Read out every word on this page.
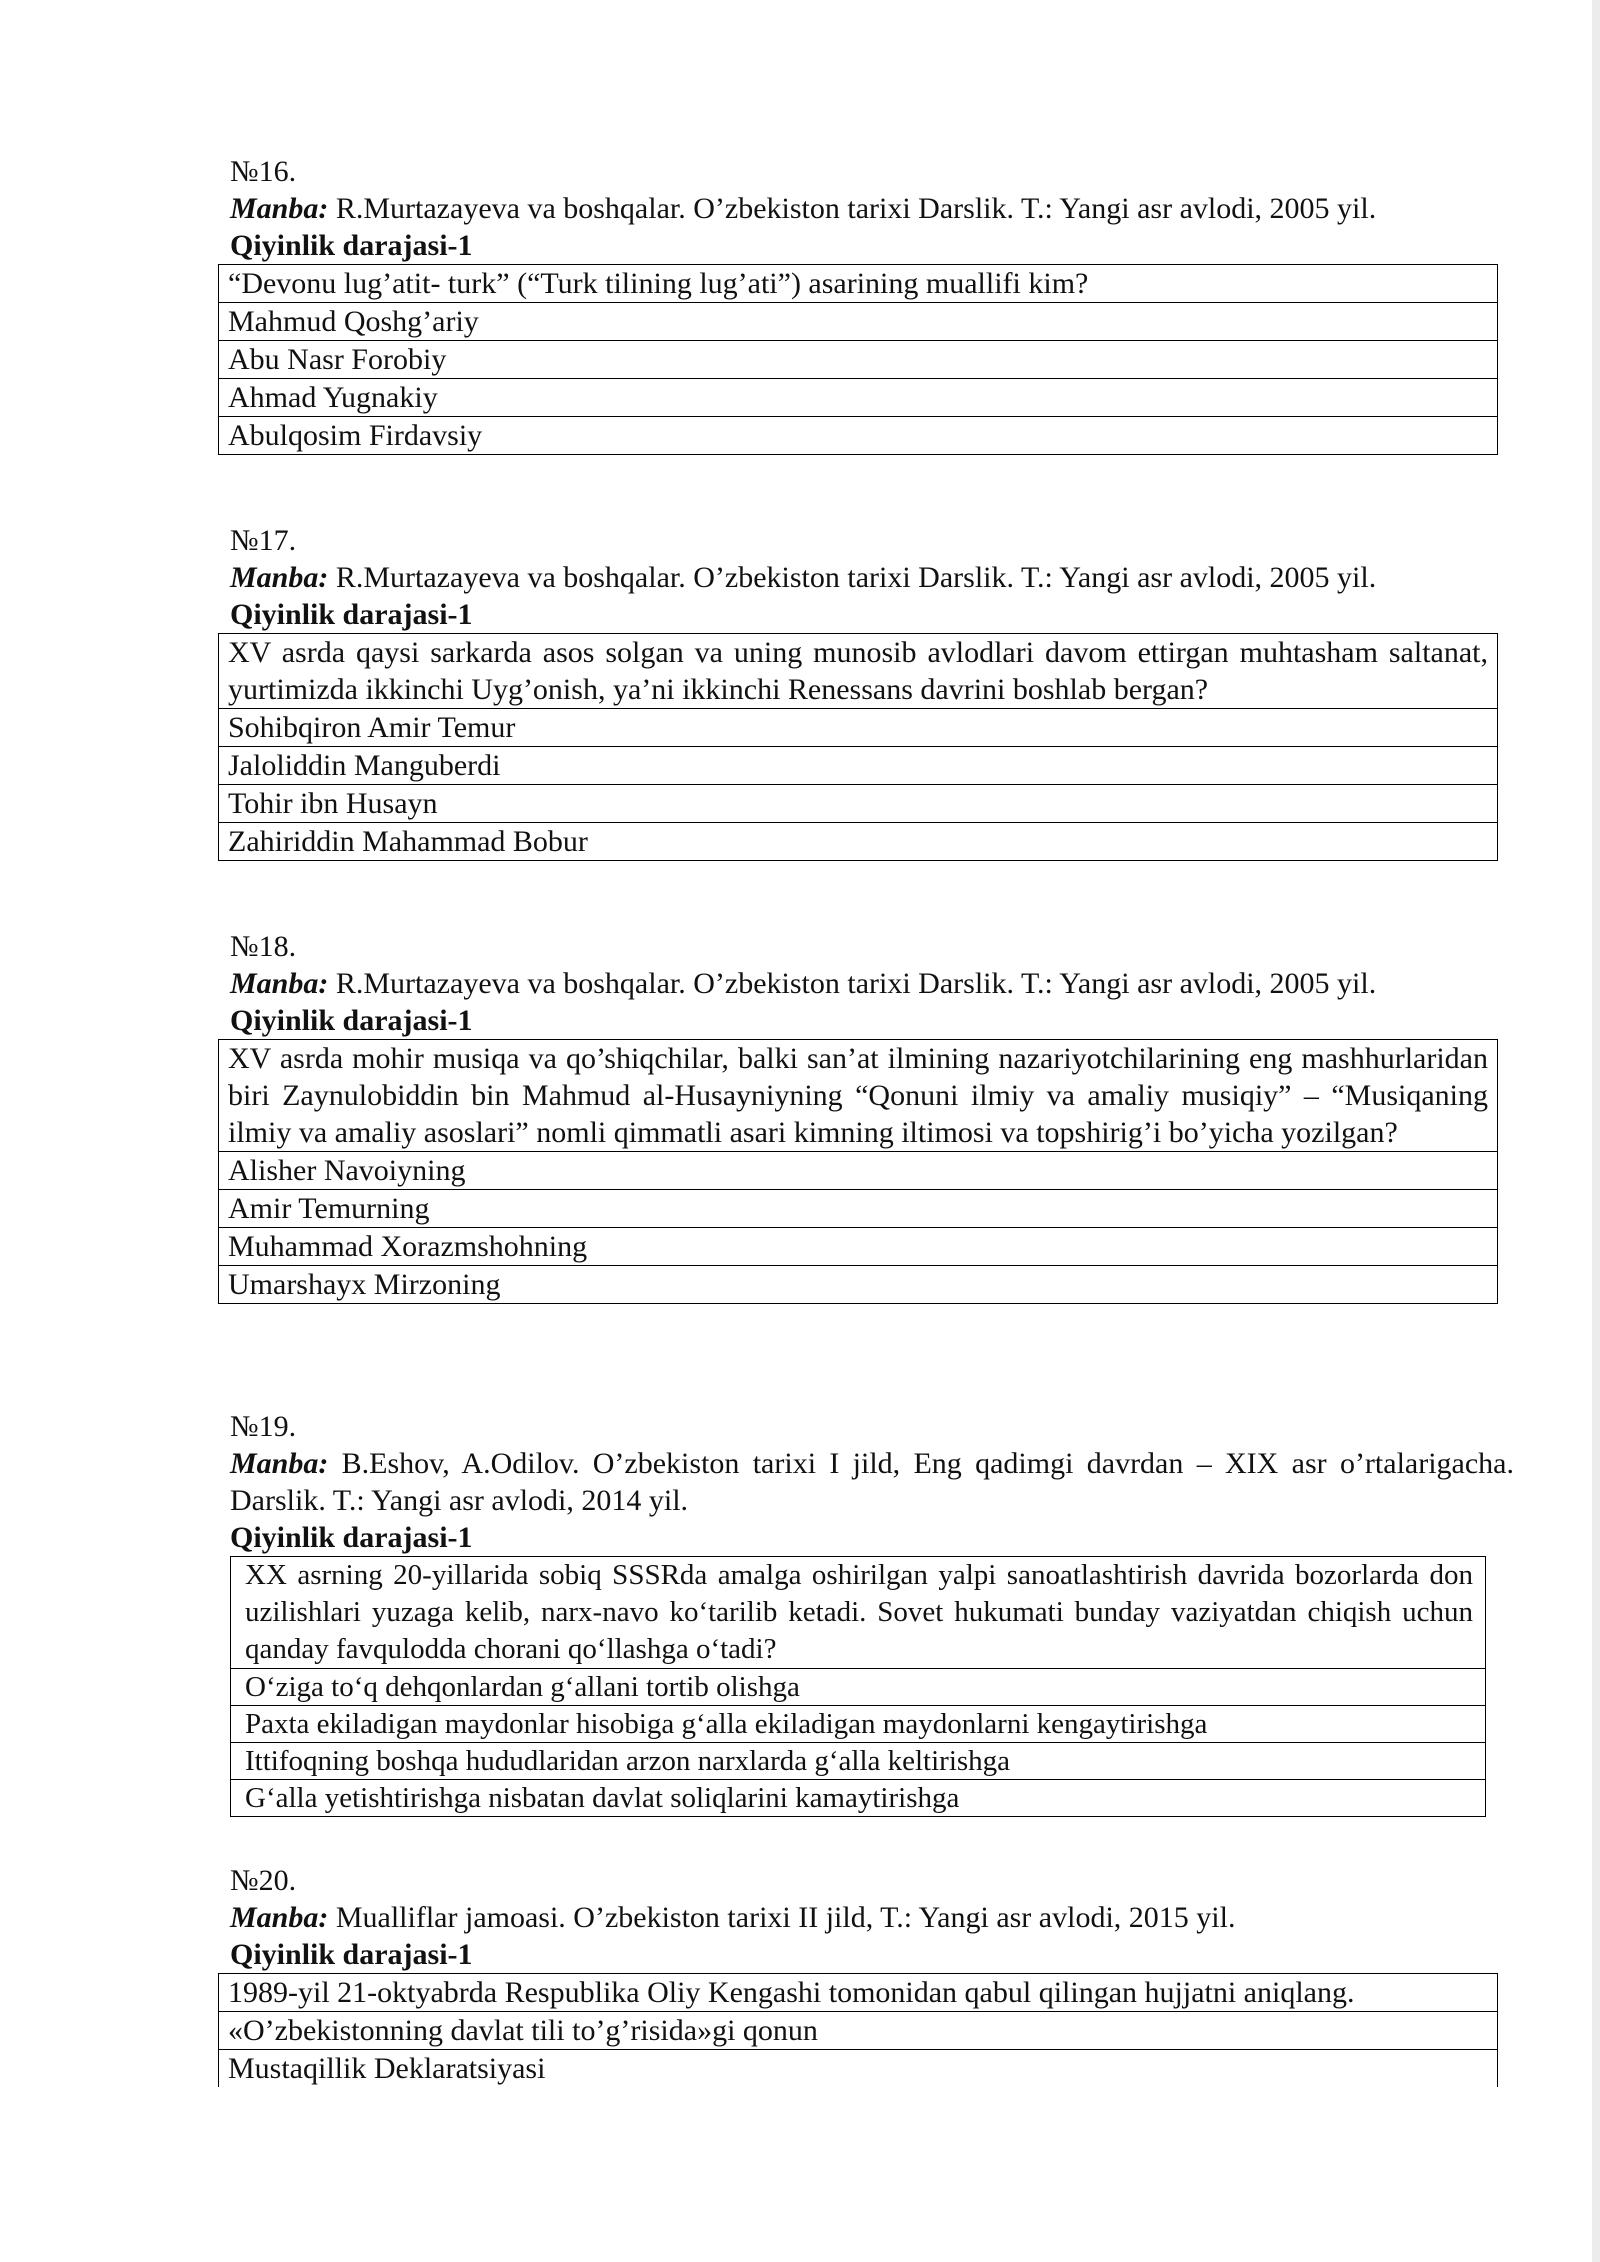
№16.

Manba: R.Murtazayeva va boshqalar. O’zbekiston tarixi Darslik. T.: Yangi asr avlodi, 2005 yil.

Qiyinlik darajasi-1

“Devonu lug’atit- turk” (“Turk tilining lug’ati”) asarining muallifi kim?
Mahmud Qoshg’ariy
Abu Nasr Forobiy
Ahmad Yugnakiy
Abulqosim Firdavsiy

№17.

Manba: R.Murtazayeva va boshqalar. O’zbekiston tarixi Darslik. T.: Yangi asr avlodi, 2005 yil.

Qiyinlik darajasi-1

XV asrda qaysi sarkarda asos solgan va uning munosib avlodlari davom ettirgan muhtasham saltanat, yurtimizda ikkinchi Uyg’onish, ya’ni ikkinchi Renessans davrini boshlab bergan?
Sohibqiron Amir Temur
Jaloliddin Manguberdi
Tohir ibn Husayn
Zahiriddin Mahammad Bobur

№18.

Manba: R.Murtazayeva va boshqalar. O’zbekiston tarixi Darslik. T.: Yangi asr avlodi, 2005 yil.

Qiyinlik darajasi-1

XV asrda mohir musiqa va qo’shiqchilar, balki san’at ilmining nazariyotchilarining eng mashhurlaridan biri Zaynulobiddin bin Mahmud al-Husayniyning “Qonuni ilmiy va amaliy musiqiy” – “Musiqaning ilmiy va amaliy asoslari” nomli qimmatli asari kimning iltimosi va topshirig’i bo’yicha yozilgan?
Alisher Navoiyning
Amir Temurning
Muhammad Xorazmshohning
Umarshayx Mirzoning

№19.

Manba: B.Eshov, A.Odilov. O’zbekiston tarixi I jild, Eng qadimgi davrdan – XIX asr o’rtalarigacha. Darslik. T.: Yangi asr avlodi, 2014 yil.

Qiyinlik darajasi-1

XX asrning 20-yillarida sobiq SSSRda amalga oshirilgan yalpi sanoatlashtirish davrida bozorlarda don uzilishlari yuzaga kelib, narx-navo ko‘tarilib ketadi. Sovet hukumati bunday vaziyatdan chiqish uchun qanday favqulodda chorani qo‘llashga o‘tadi?
O‘ziga to‘q dehqonlardan g‘allani tortib olishga
Paxta ekiladigan maydonlar hisobiga g‘alla ekiladigan maydonlarni kengaytirishga
Ittifoqning boshqa hududlaridan arzon narxlarda g‘alla keltirishga
G‘alla yetishtirishga nisbatan davlat soliqlarini kamaytirishga

№20.

Manba: Mualliflar jamoasi. O’zbekiston tarixi II jild, T.: Yangi asr avlodi, 2015 yil.

Qiyinlik darajasi-1

1989-yil 21-oktyabrda Respublika Oliy Kengashi tomonidan qabul qilingan hujjatni aniqlang.
«O’zbekistonning davlat tili to’g’risida»gi qonun
Mustaqillik Deklaratsiyasi
